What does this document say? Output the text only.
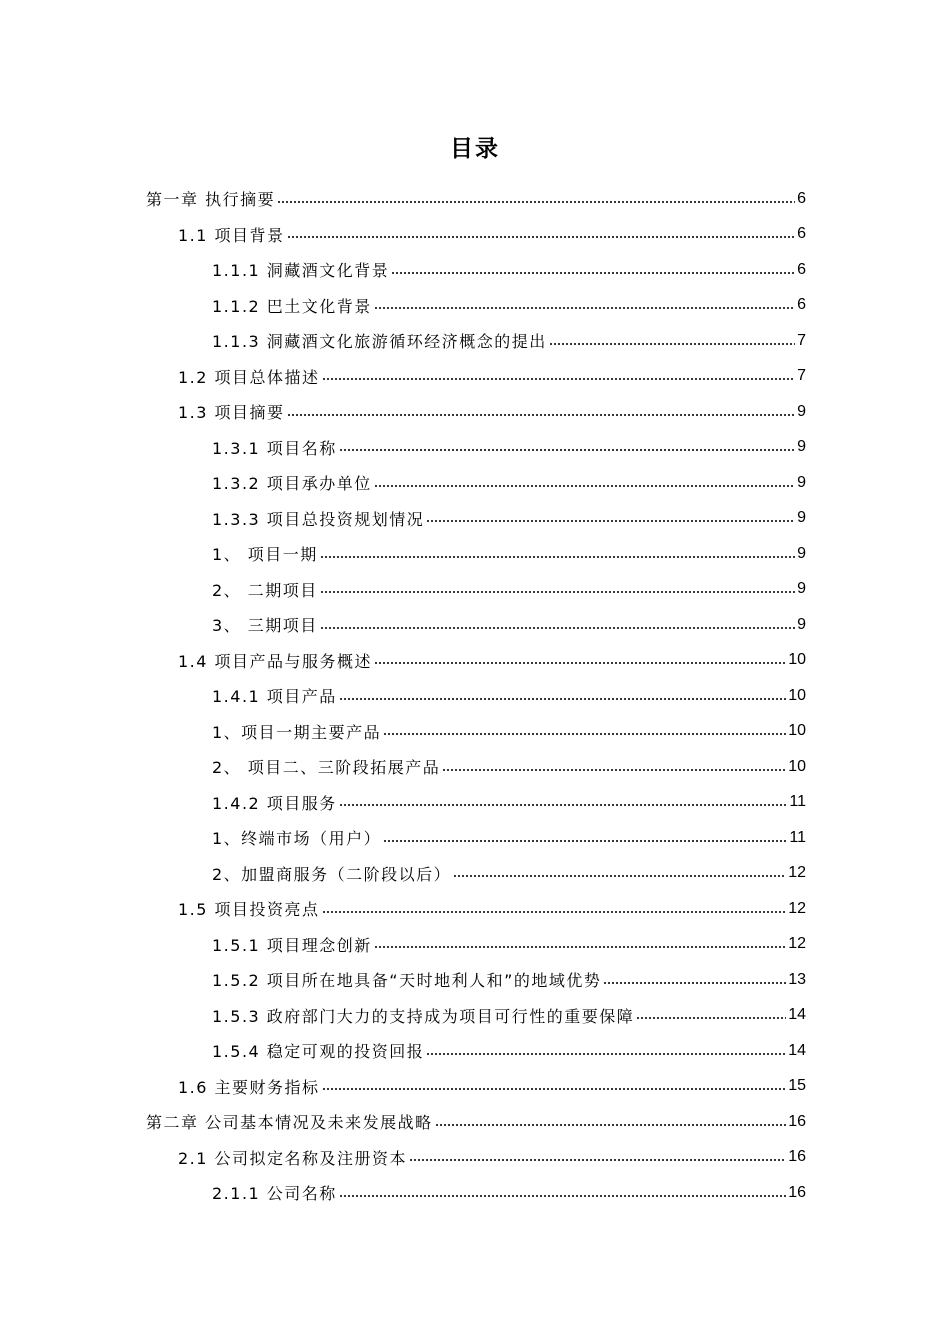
目录
第一章 执行摘要	6
1.1 项目背景	6
1.1.1 洞藏酒文化背景	6
1.1.2 巴土文化背景	6
1.1.3 洞藏酒文化旅游循环经济概念的提出	7
1.2 项目总体描述	7
1.3 项目摘要	9
1.3.1 项目名称	9
1.3.2 项目承办单位	9
1.3.3 项目总投资规划情况	9
1、 项目一期	9
2、 二期项目	9
3、 三期项目	9
1.4 项目产品与服务概述	10
1.4.1 项目产品	10
1、项目一期主要产品	10
2、 项目二、三阶段拓展产品	10
1.4.2 项目服务	11
1、终端市场（用户）	11
2、加盟商服务（二阶段以后）	12
1.5 项目投资亮点	12
1.5.1 项目理念创新	12
1.5.2 项目所在地具备“天时地利人和”的地域优势	13
1.5.3 政府部门大力的支持成为项目可行性的重要保障	14
1.5.4 稳定可观的投资回报	14
1.6 主要财务指标	15
第二章 公司基本情况及未来发展战略	16
2.1 公司拟定名称及注册资本	16
2.1.1 公司名称	16
